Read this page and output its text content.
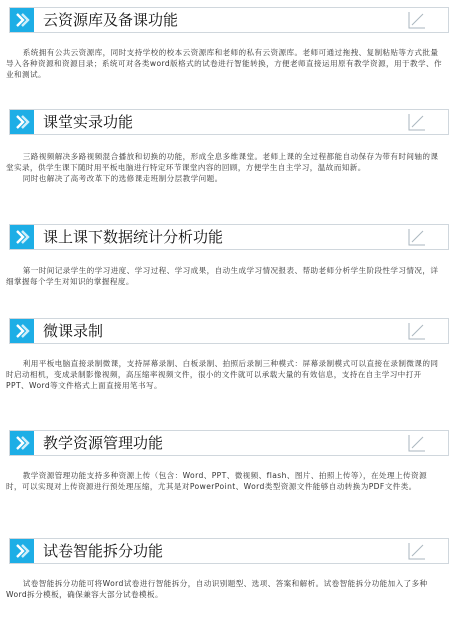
云资源库及备课功能

系统拥有公共云资源库，同时支持学校的校本云资源库和老师的私有云资源库。老师可通过拖拽、复制粘贴等方式批量导入各种资源和资源目录；系统可对各类word版格式的试卷进行智能转换，方便老师直接运用原有教学资源，用于教学、作业和测试。

课堂实录功能

三路视频解决多路视频混合播放和切换的功能，形成全息多维课堂。老师上课的全过程都能自动保存为带有时间轴的课堂实录，供学生课下随时用平板电脑进行特定环节课堂内容的回顾，方便学生自主学习，温故而知新。

同时也解决了高考改革下的选修课走班制分层教学问题。

课上课下数据统计分析功能

第一时间记录学生的学习进度、学习过程、学习成果，自动生成学习情况报表、帮助老师分析学生阶段性学习情况，详细掌握每个学生对知识的掌握程度。

微课录制

利用平板电脑直接录制微课，支持屏幕录制、白板录制、拍照后录制三种模式：屏幕录制模式可以直接在录制微课的同时启动相机，变成录制影像视频，高压缩率视频文件，很小的文件就可以承载大量的有效信息，支持在自主学习中打开PPT、Word等文件格式上面直接用笔书写。

教学资源管理功能

教学资源管理功能支持多种资源上传（包含：Word、PPT、微视频、flash、图片、拍照上传等），在处理上传资源时，可以实现对上传资源进行预处理压缩，尤其是对PowerPoint、Word类型资源文件能够自动转换为PDF文件类。

试卷智能拆分功能

试卷智能拆分功能可将Word试卷进行智能拆分，自动识别题型、选项、答案和解析。试卷智能拆分功能加入了多种Word拆分模板，确保兼容大部分试卷模板。
